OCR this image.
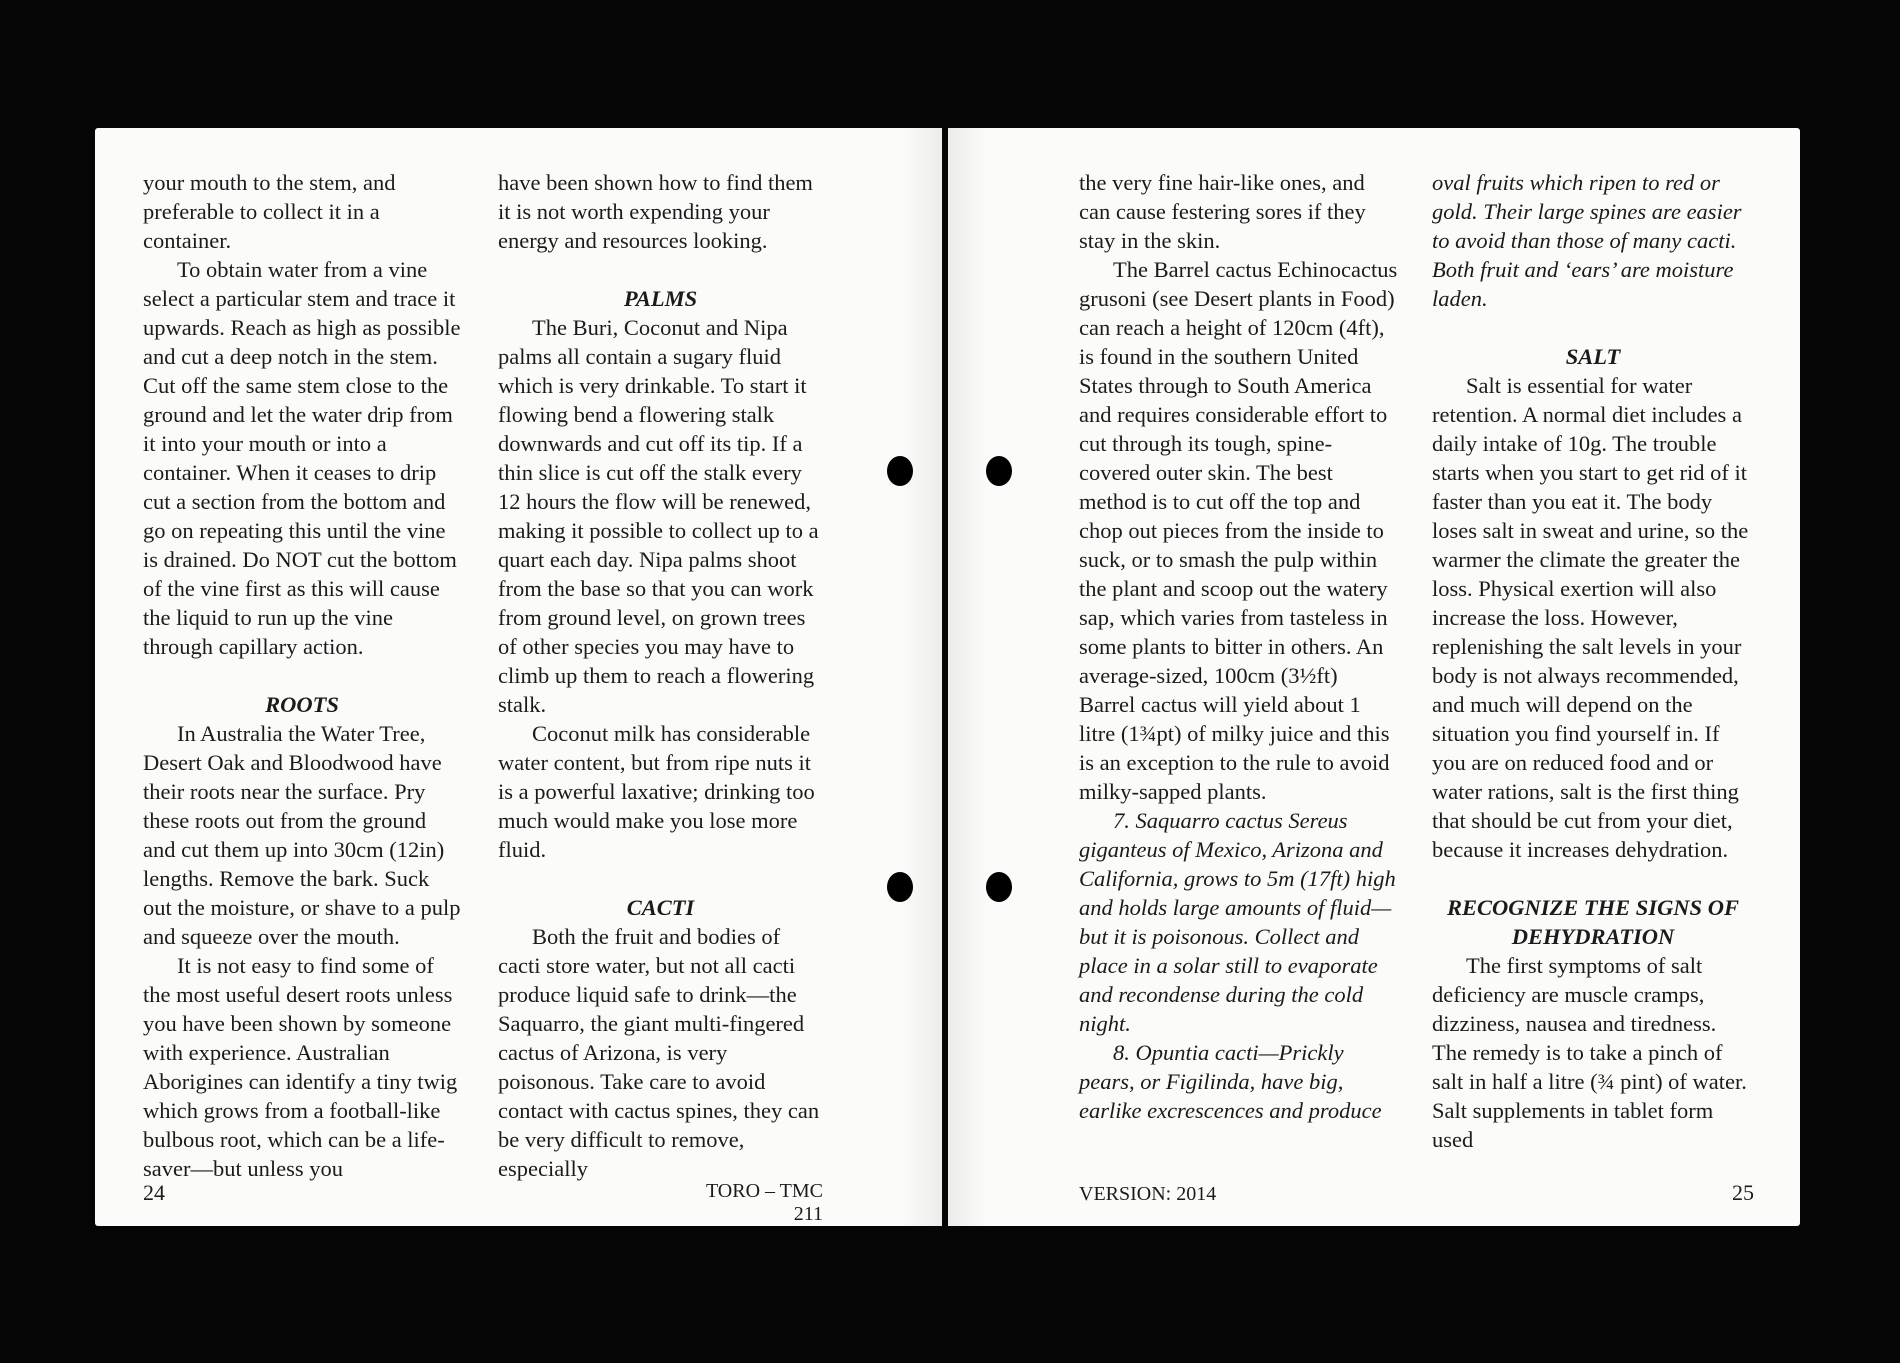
your mouth to the stem, and preferable to collect it in a container.

To obtain water from a vine select a particular stem and trace it upwards. Reach as high as possible and cut a deep notch in the stem. Cut off the same stem close to the ground and let the water drip from it into your mouth or into a container. When it ceases to drip cut a section from the bottom and go on repeating this until the vine is drained. Do NOT cut the bottom of the vine first as this will cause the liquid to run up the vine through capillary action.

ROOTS

In Australia the Water Tree, Desert Oak and Bloodwood have their roots near the surface. Pry these roots out from the ground and cut them up into 30cm (12in) lengths. Remove the bark. Suck out the moisture, or shave to a pulp and squeeze over the mouth.

It is not easy to find some of the most useful desert roots unless you have been shown by someone with experience. Australian Aborigines can identify a tiny twig which grows from a football-like bulbous root, which can be a life-saver—but unless you

have been shown how to find them it is not worth expending your energy and resources looking.

PALMS

The Buri, Coconut and Nipa palms all contain a sugary fluid which is very drinkable. To start it flowing bend a flowering stalk downwards and cut off its tip. If a thin slice is cut off the stalk every 12 hours the flow will be renewed, making it possible to collect up to a quart each day. Nipa palms shoot from the base so that you can work from ground level, on grown trees of other species you may have to climb up them to reach a flowering stalk.

Coconut milk has considerable water content, but from ripe nuts it is a powerful laxative; drinking too much would make you lose more fluid.

CACTI

Both the fruit and bodies of cacti store water, but not all cacti produce liquid safe to drink—the Saquarro, the giant multi-fingered cactus of Arizona, is very poisonous. Take care to avoid contact with cactus spines, they can be very difficult to remove, especially

24	TORO – TMC 211

the very fine hair-like ones, and can cause festering sores if they stay in the skin.

The Barrel cactus Echinocactus grusoni (see Desert plants in Food) can reach a height of 120cm (4ft), is found in the southern United States through to South America and requires considerable effort to cut through its tough, spine-covered outer skin. The best method is to cut off the top and chop out pieces from the inside to suck, or to smash the pulp within the plant and scoop out the watery sap, which varies from tasteless in some plants to bitter in others. An average-sized, 100cm (3½ft) Barrel cactus will yield about 1 litre (1¾pt) of milky juice and this is an exception to the rule to avoid milky-sapped plants.

7. Saquarro cactus Sereus giganteus of Mexico, Arizona and California, grows to 5m (17ft) high and holds large amounts of fluid—but it is poisonous. Collect and place in a solar still to evaporate and recondense during the cold night.

8. Opuntia cacti—Prickly pears, or Figilinda, have big, earlike excrescences and produce

oval fruits which ripen to red or gold. Their large spines are easier to avoid than those of many cacti. Both fruit and ‘ears’ are moisture laden.

SALT

Salt is essential for water retention. A normal diet includes a daily intake of 10g. The trouble starts when you start to get rid of it faster than you eat it. The body loses salt in sweat and urine, so the warmer the climate the greater the loss. Physical exertion will also increase the loss. However, replenishing the salt levels in your body is not always recommended, and much will depend on the situation you find yourself in. If you are on reduced food and or water rations, salt is the first thing that should be cut from your diet, because it increases dehydration.

RECOGNIZE THE SIGNS OF DEHYDRATION

The first symptoms of salt deficiency are muscle cramps, dizziness, nausea and tiredness. The remedy is to take a pinch of salt in half a litre (¾ pint) of water. Salt supplements in tablet form used

VERSION: 2014	25
